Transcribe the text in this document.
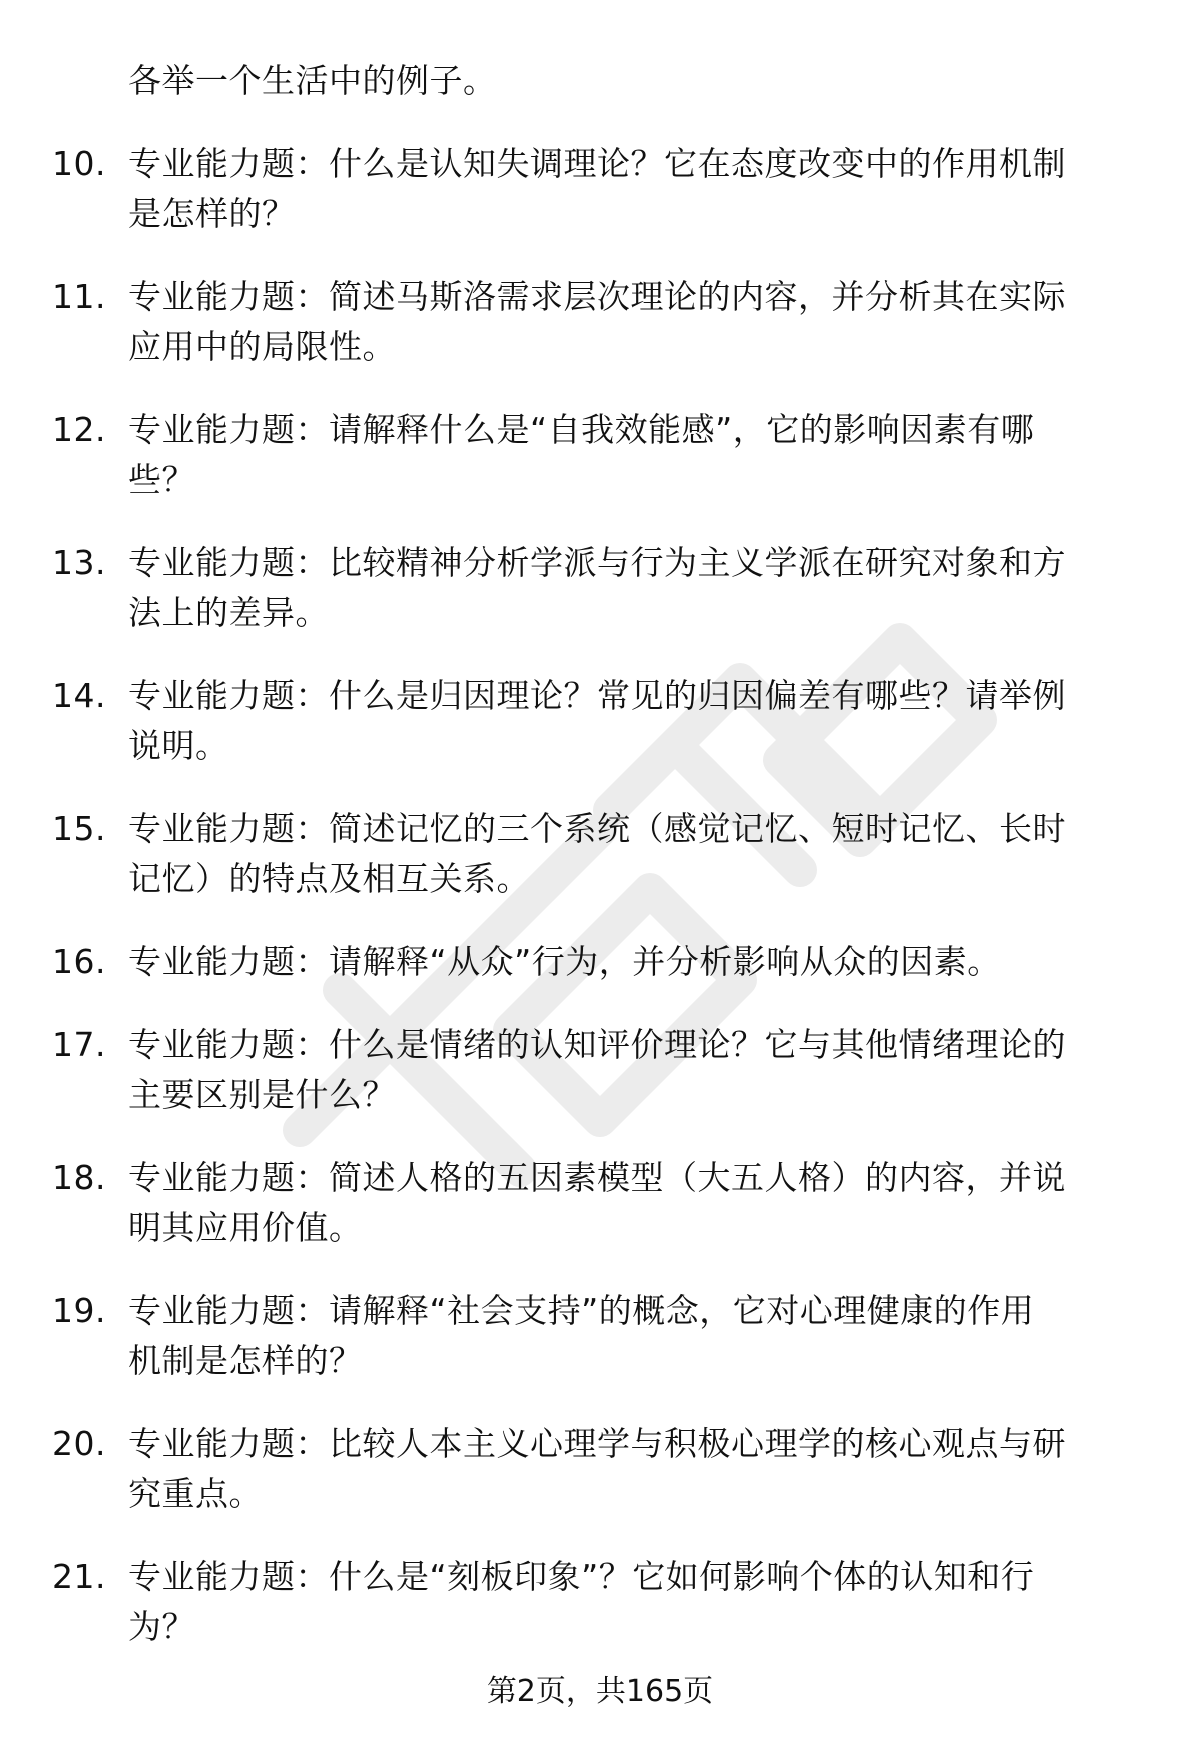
各举一个生活中的例子。
10. 专业能力题：什么是认知失调理论？它在态度改变中的作用机制
是怎样的？
11. 专业能力题：简述马斯洛需求层次理论的内容，并分析其在实际
应用中的局限性。
12. 专业能力题：请解释什么是“自我效能感”，它的影响因素有哪
些？
13. 专业能力题：比较精神分析学派与行为主义学派在研究对象和方
法上的差异。
14. 专业能力题：什么是归因理论？常见的归因偏差有哪些？请举例
说明。
15. 专业能力题：简述记忆的三个系统（感觉记忆、短时记忆、长时
记忆）的特点及相互关系。
16. 专业能力题：请解释“从众”行为，并分析影响从众的因素。
17. 专业能力题：什么是情绪的认知评价理论？它与其他情绪理论的
主要区别是什么？
18. 专业能力题：简述人格的五因素模型（大五人格）的内容，并说
明其应用价值。
19. 专业能力题：请解释“社会支持”的概念，它对心理健康的作用
机制是怎样的？
20. 专业能力题：比较人本主义心理学与积极心理学的核心观点与研
究重点。
21. 专业能力题：什么是“刻板印象”？它如何影响个体的认知和行
为？
第2页，共165页
